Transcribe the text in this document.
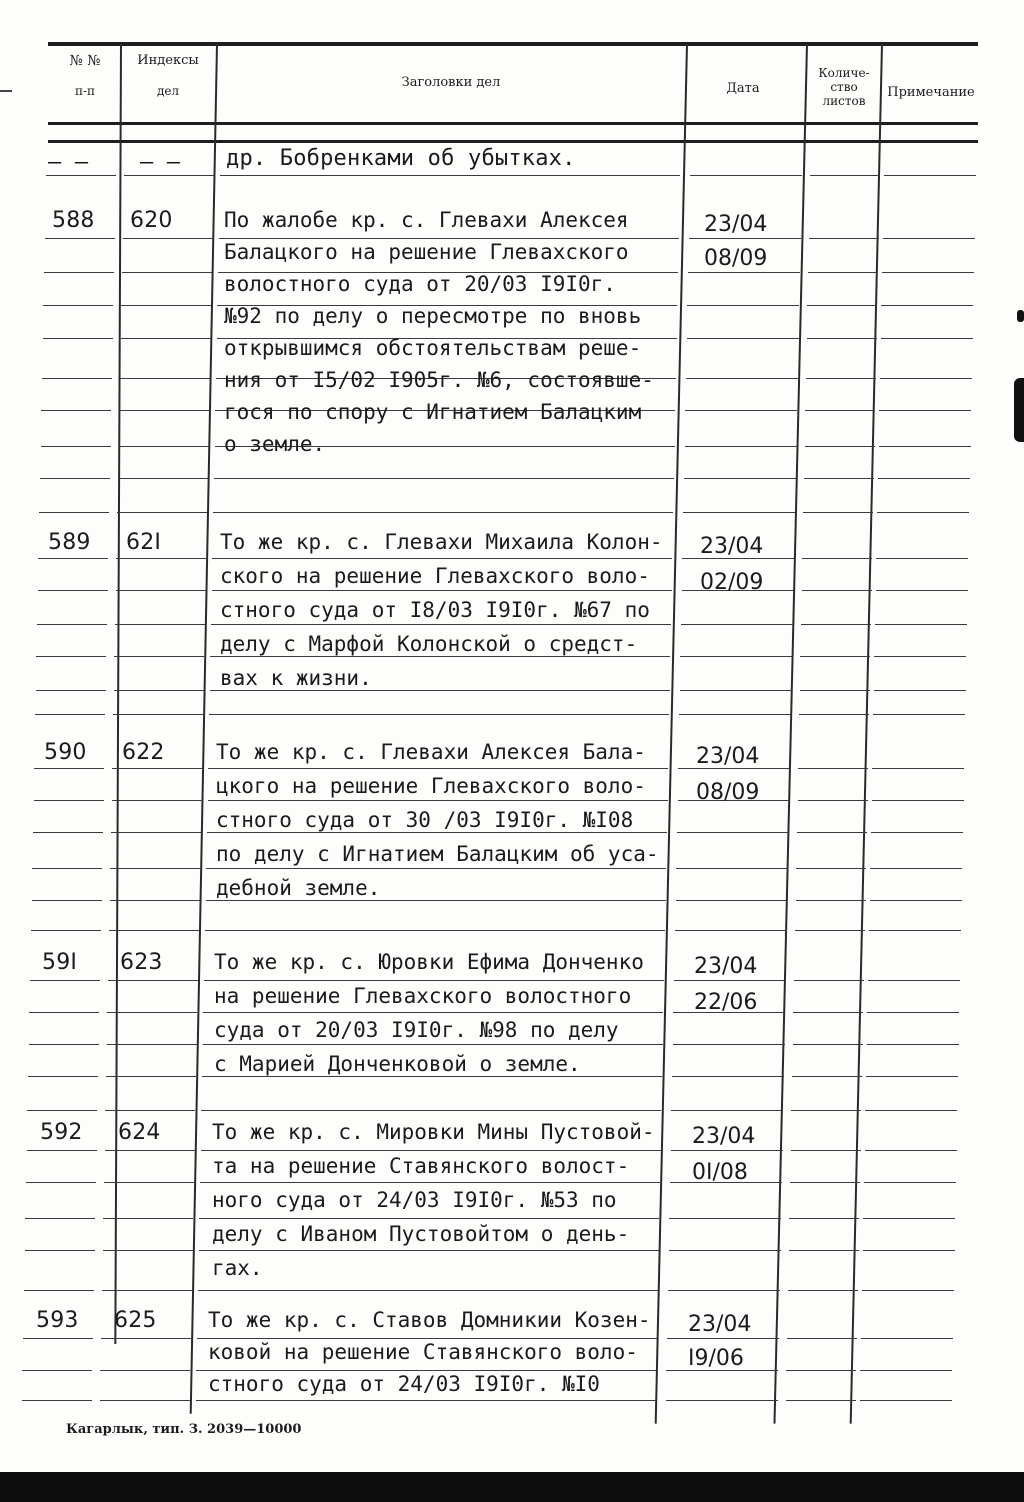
№ №
п-п
Индексы
дел
Заголовки дел	Дата
Количе-
ство
листов
Примечание
— — — — др. Бобренками об убытках.
588 620 По жалобе кр. с. Глевахи Алексея
Балацкого на решение Глевахского
волостного суда от 20/03 I9I0г.
№92 по делу о пересмотре по вновь
открывшимся обстоятельствам реше-
ния от I5/02 I905г. №6, состоявше-
гося по спору с Игнатием Балацким
о земле.
23/04
08/09
589 62I	То же кр. с. Глевахи Михаила Колон-
ского на решение Глевахского воло-
стного суда от I8/03 I9I0г. №67 по
делу с Марфой Колонской о средст-
вах к жизни.
23/04
02/09
590 622 То же кр. с. Глевахи Алексея Бала-
цкого на решение Глевахского воло-
стного суда от 30 /03 I9I0г. №I08
по делу с Игнатием Балацким об уса-
дебной земле.
23/04
08/09
59I 623 То же кр. с. Юровки Ефима Донченко
на решение Глевахского волостного
суда от 20/03 I9I0г. №98 по делу
с Марией Донченковой о земле.
23/04
22/06
592 624 То же кр. с. Мировки Мины Пустовой-
та на решение Ставянского волост-
ного суда от 24/03 I9I0г. №53 по
делу с Иваном Пустовойтом о день-
гах.
23/04
0I/08
593 625 То же кр. с. Ставов Домникии Козен-
ковой на решение Ставянского воло-
стного суда от 24/03 I9I0г. №I0
23/04
I9/06
Кагарлык, тип. З. 2039—10000
